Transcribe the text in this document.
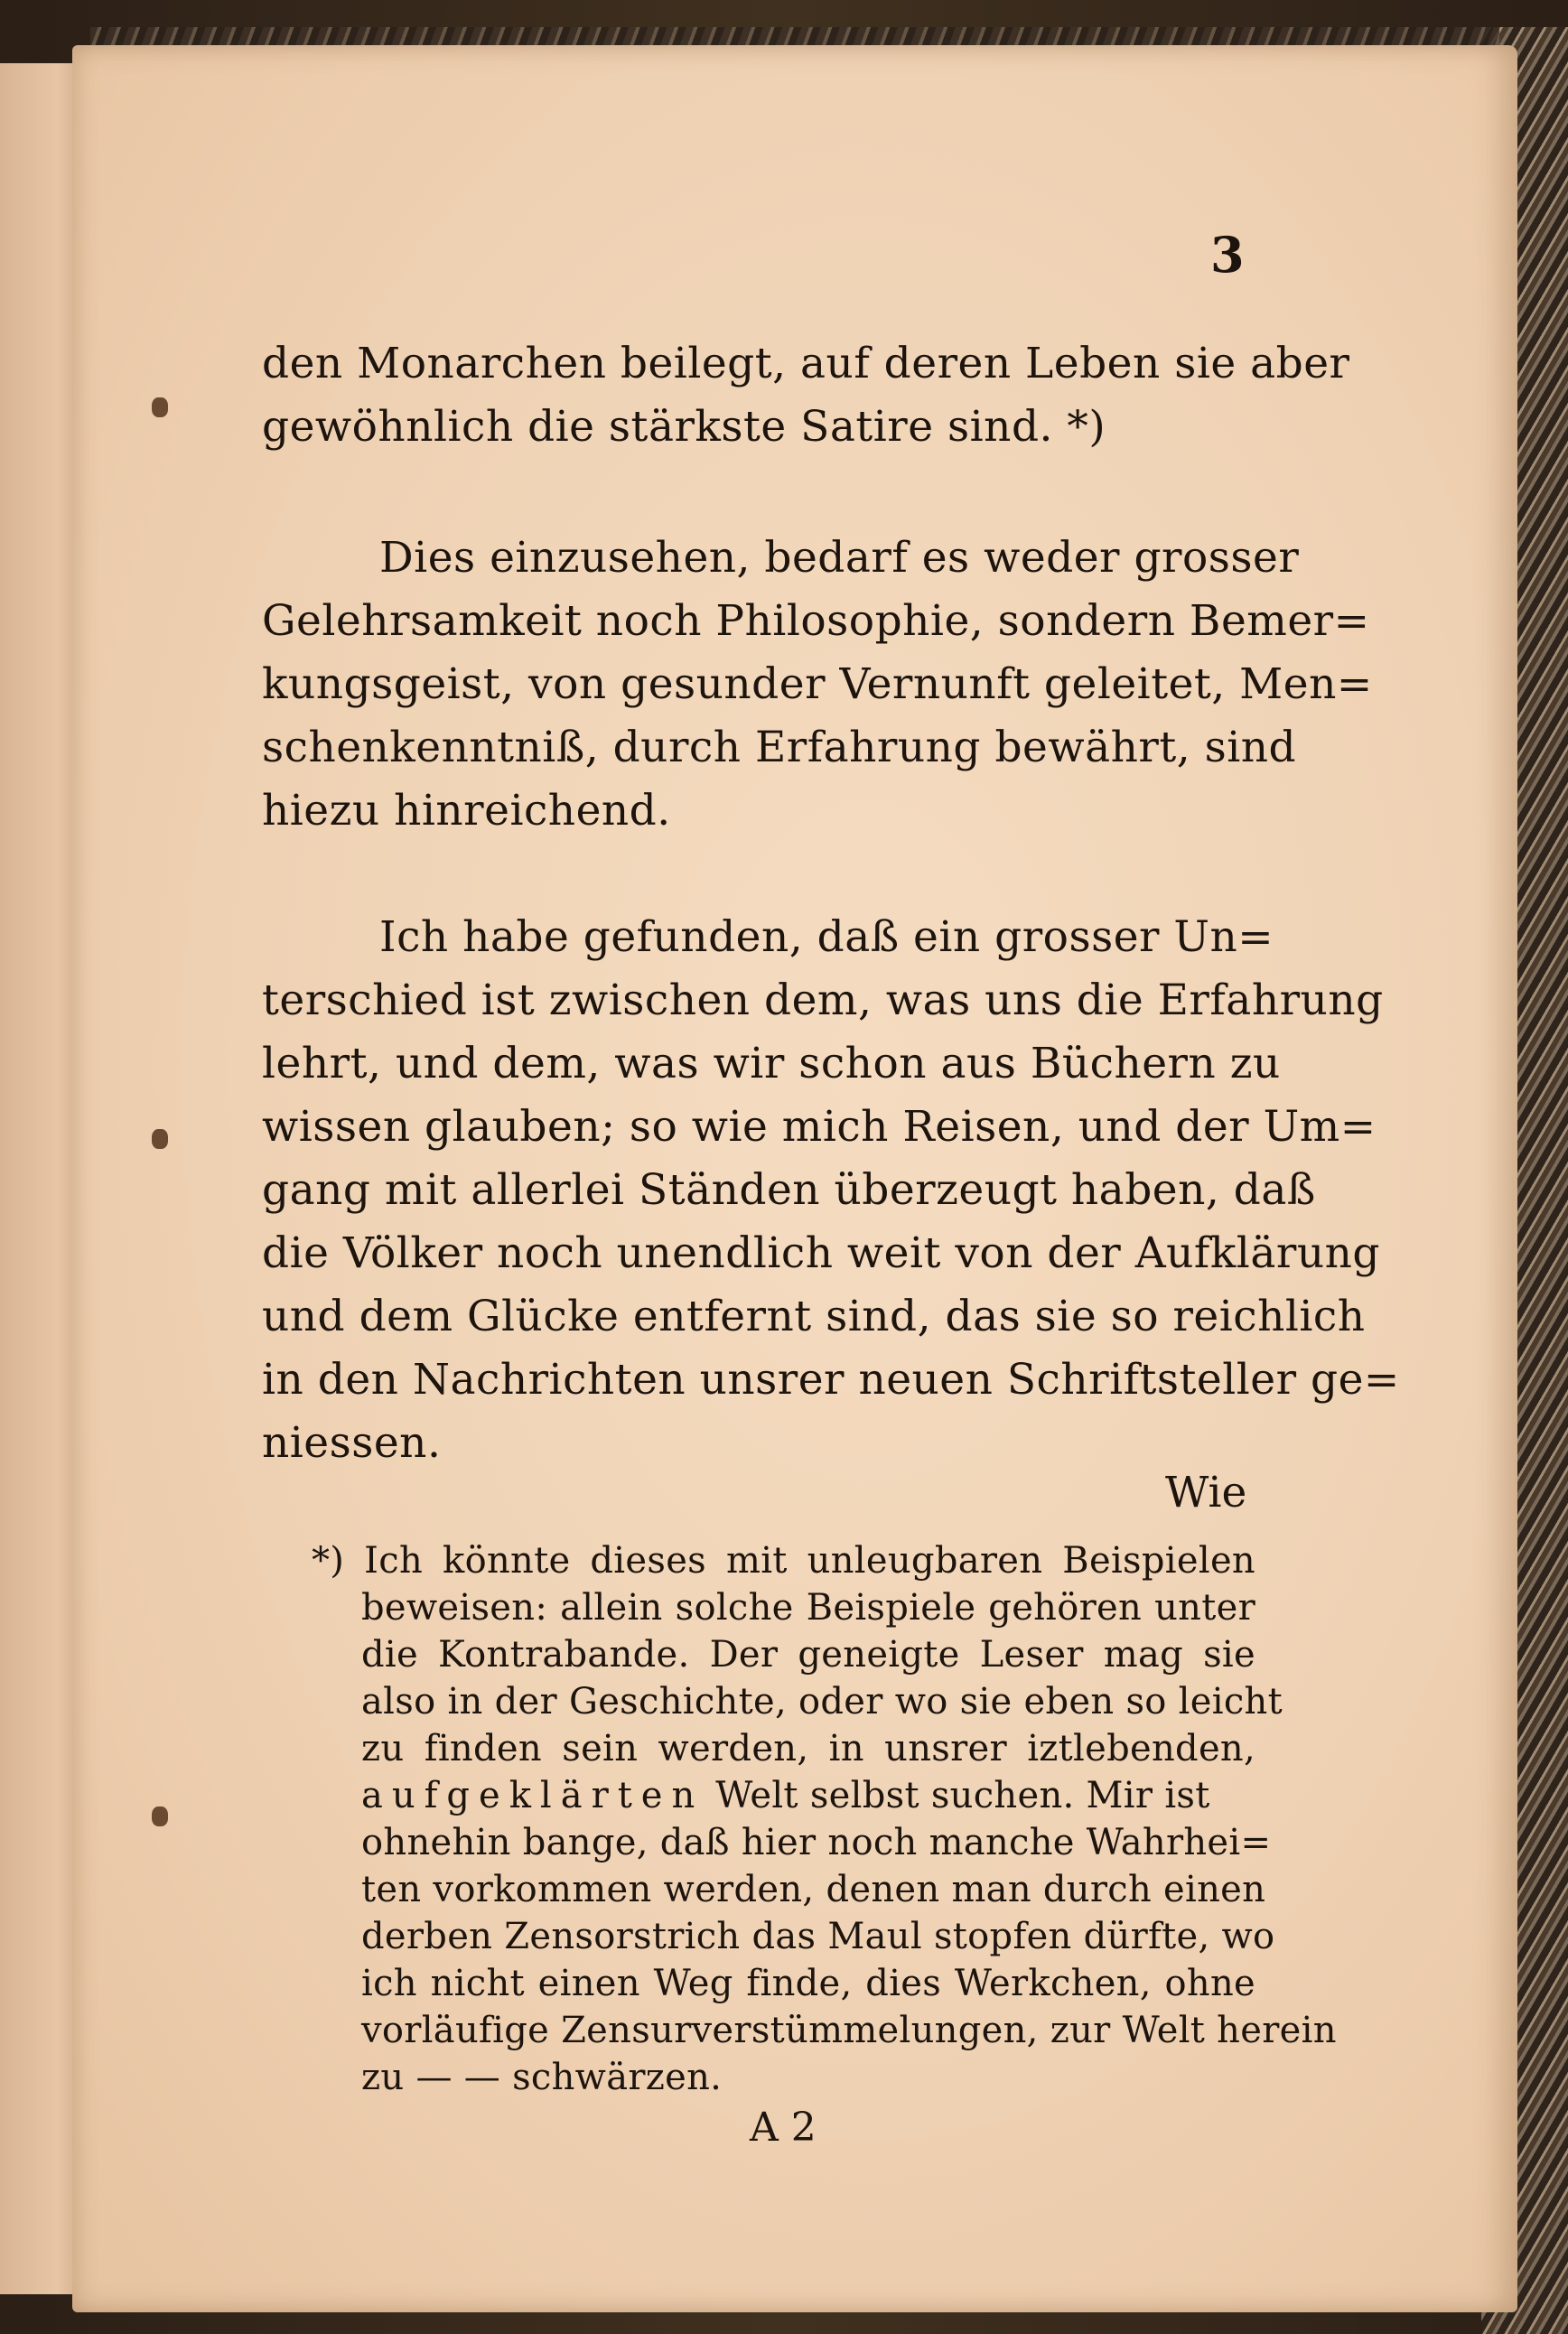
3
den Monarchen beilegt, auf deren Leben sie aber
gewöhnlich die stärkste Satire sind. *)
Dies einzusehen, bedarf es weder grosser
Gelehrsamkeit noch Philosophie, sondern Bemer=
kungsgeist, von gesunder Vernunft geleitet, Men=
schenkenntniß, durch Erfahrung bewährt, sind
hiezu hinreichend.
Ich habe gefunden, daß ein grosser Un=
terschied ist zwischen dem, was uns die Erfahrung
lehrt, und dem, was wir schon aus Büchern zu
wissen glauben; so wie mich Reisen, und der Um=
gang mit allerlei Ständen überzeugt haben, daß
die Völker noch unendlich weit von der Aufklärung
und dem Glücke entfernt sind, das sie so reichlich
in den Nachrichten unsrer neuen Schriftsteller ge=
niessen.
Wie
*) Ich könnte dieses mit unleugbaren Beispielen
beweisen: allein solche Beispiele gehören unter
die Kontrabande. Der geneigte Leser mag sie
also in der Geschichte, oder wo sie eben so leicht
zu finden sein werden, in unsrer iztlebenden,
aufgeklärten Welt selbst suchen. Mir ist
ohnehin bange, daß hier noch manche Wahrhei=
ten vorkommen werden, denen man durch einen
derben Zensorstrich das Maul stopfen dürfte, wo
ich nicht einen Weg finde, dies Werkchen, ohne
vorläufige Zensurverstümmelungen, zur Welt herein
zu — — schwärzen.
A 2
